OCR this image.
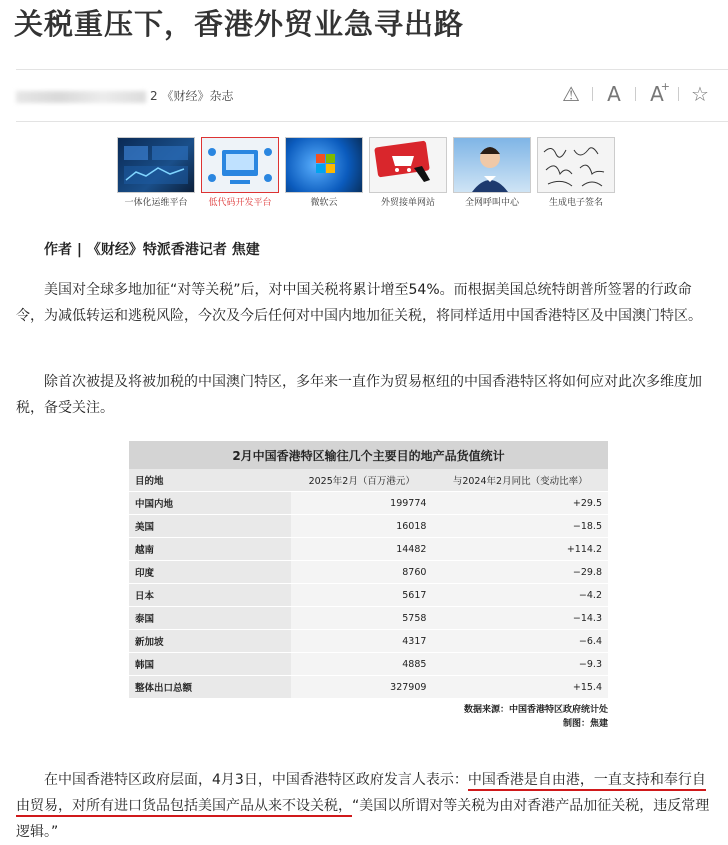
关税重压下，香港外贸业急寻出路
2 《财经》杂志	⚠	A	A
+	☆
一体化运维平台	低代码开发平台	微软云	外贸接单网站	全网呼叫中心	生成电子签名
作者 | 《财经》特派香港记者 焦建
美国对全球多地加征“对等关税”后，对中国关税将累计增至54%。而根据美国总统特朗普所签署的行政命令，为减低转运和逃税风险，今次及今后任何对中国内地加征关税，将同样适用中国香港特区及中国澳门特区。
除首次被提及将被加税的中国澳门特区，多年来一直作为贸易枢纽的中国香港特区将如何应对此次多维度加税，备受关注。
2月中国香港特区输往几个主要目的地产品货值统计		
目的地	2025年2月（百万港元）	与2024年2月同比（变动比率）
中国内地	199774	+29.5
美国	16018	−18.5
越南	14482	+114.2
印度	8760	−29.8
日本	5617	−4.2
泰国	5758	−14.3
新加坡	4317	−6.4
韩国	4885	−9.3
整体出口总额	327909	+15.4
数据来源：中国香港特区政府统计处
制图：焦建
在中国香港特区政府层面，4月3日，中国香港特区政府发言人表示：中国香港是自由港，一直支持和奉行自由贸易，对所有进口货品包括美国产品从来不设关税，“美国以所谓对等关税为由对香港产品加征关税，违反常理逻辑。”
